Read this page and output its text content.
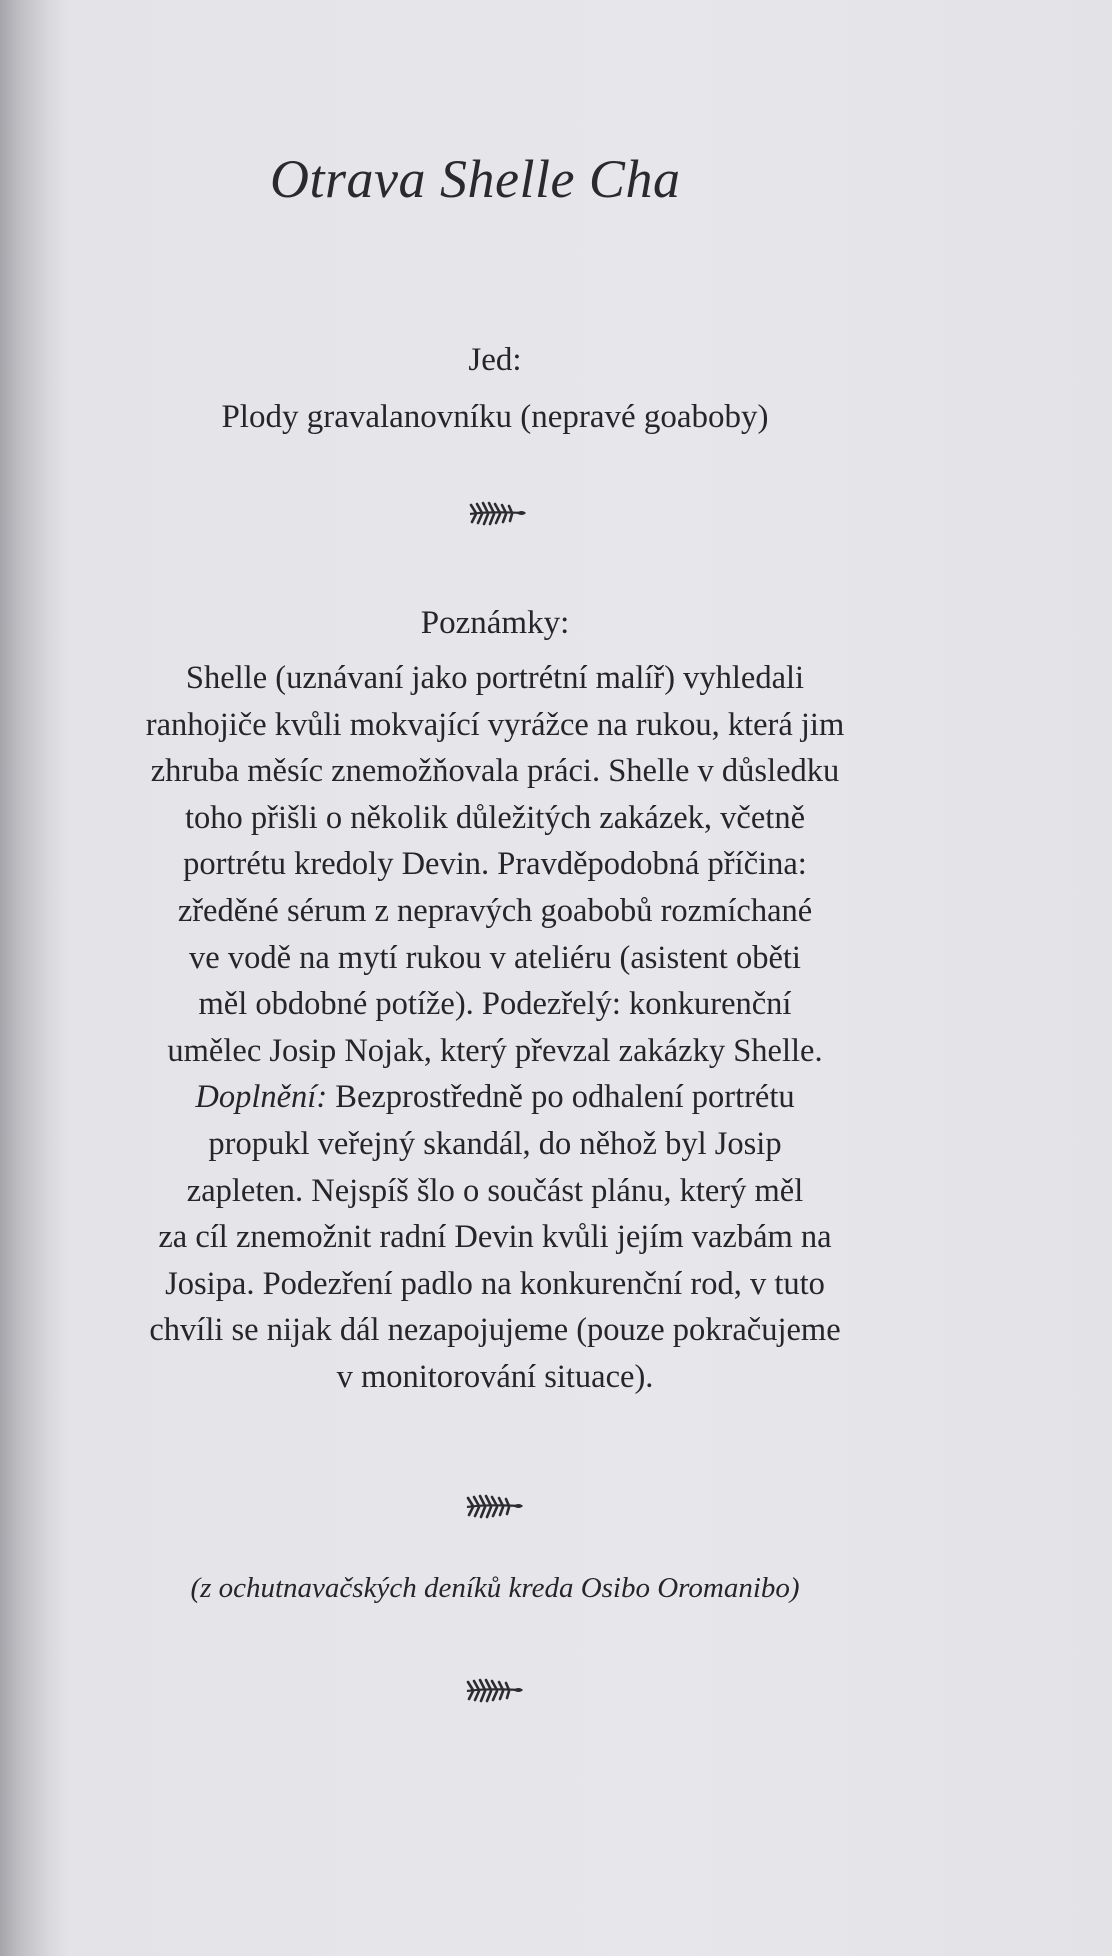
Otrava Shelle Cha
Jed:
Plody gravalanovníku (nepravé goaboby)
Poznámky:
Shelle (uznávaní jako portrétní malíř) vyhledali
ranhojiče kvůli mokvající vyrážce na rukou, která jim
zhruba měsíc znemožňovala práci. Shelle v důsledku
toho přišli o několik důležitých zakázek, včetně
portrétu kredoly Devin. Pravděpodobná příčina:
zředěné sérum z nepravých goabobů rozmíchané
ve vodě na mytí rukou v ateliéru (asistent oběti
měl obdobné potíže). Podezřelý: konkurenční
umělec Josip Nojak, který převzal zakázky Shelle.
Doplnění: Bezprostředně po odhalení portrétu
propukl veřejný skandál, do něhož byl Josip
zapleten. Nejspíš šlo o součást plánu, který měl
za cíl znemožnit radní Devin kvůli jejím vazbám na
Josipa. Podezření padlo na konkurenční rod, v tuto
chvíli se nijak dál nezapojujeme (pouze pokračujeme
v monitorování situace).
(z ochutnavačských deníků kreda Osibo Oromanibo)
